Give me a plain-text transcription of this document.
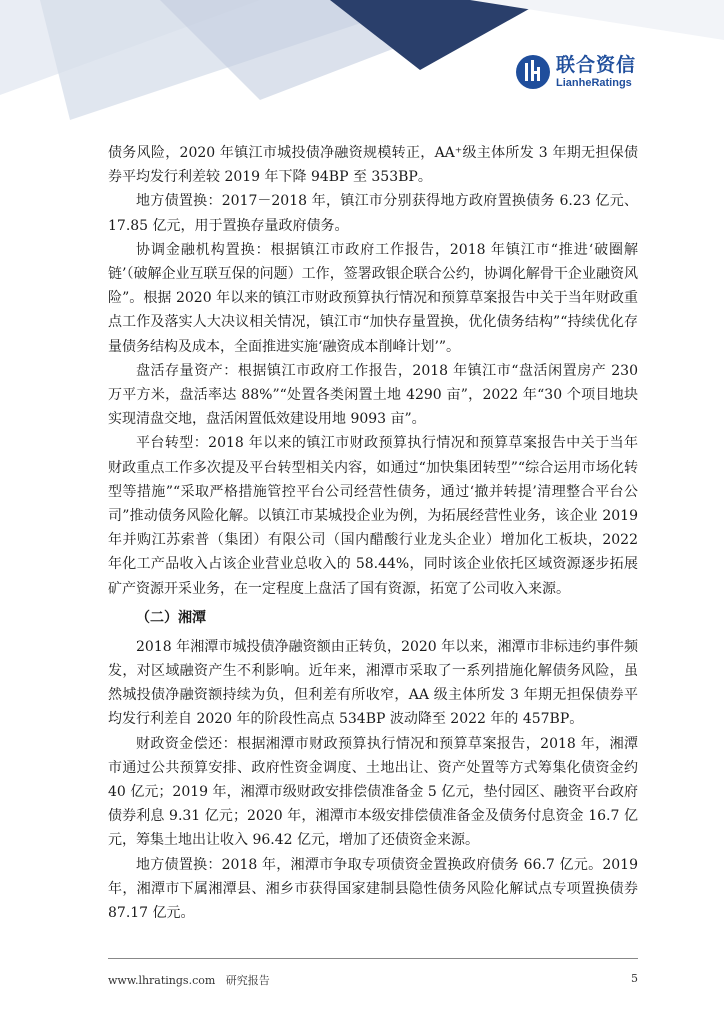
联合资信
LianheRatings

债务风险，2020 年镇江市城投债净融资规模转正，AA⁺级主体所发 3 年期无担保债券平均发行利差较 2019 年下降 94BP 至 353BP。

地方债置换：2017－2018 年，镇江市分别获得地方政府置换债务 6.23 亿元、17.85 亿元，用于置换存量政府债务。

协调金融机构置换：根据镇江市政府工作报告，2018 年镇江市“推进‘破圈解链’（破解企业互联互保的问题）工作，签署政银企联合公约，协调化解骨干企业融资风险”。根据 2020 年以来的镇江市财政预算执行情况和预算草案报告中关于当年财政重点工作及落实人大决议相关情况，镇江市“加快存量置换，优化债务结构”“持续优化存量债务结构及成本，全面推进实施‘融资成本削峰计划’”。

盘活存量资产：根据镇江市政府工作报告，2018 年镇江市“盘活闲置房产 230 万平方米，盘活率达 88%”“处置各类闲置土地 4290 亩”，2022 年“30 个项目地块实现清盘交地，盘活闲置低效建设用地 9093 亩”。

平台转型：2018 年以来的镇江市财政预算执行情况和预算草案报告中关于当年财政重点工作多次提及平台转型相关内容，如通过“加快集团转型”“综合运用市场化转型等措施”“采取严格措施管控平台公司经营性债务，通过‘撤并转提’清理整合平台公司”推动债务风险化解。以镇江市某城投企业为例，为拓展经营性业务，该企业 2019 年并购江苏索普（集团）有限公司（国内醋酸行业龙头企业）增加化工板块，2022 年化工产品收入占该企业营业总收入的 58.44%，同时该企业依托区域资源逐步拓展矿产资源开采业务，在一定程度上盘活了国有资源，拓宽了公司收入来源。

（二）湘潭

2018 年湘潭市城投债净融资额由正转负，2020 年以来，湘潭市非标违约事件频发，对区域融资产生不利影响。近年来，湘潭市采取了一系列措施化解债务风险，虽然城投债净融资额持续为负，但利差有所收窄，AA 级主体所发 3 年期无担保债券平均发行利差自 2020 年的阶段性高点 534BP 波动降至 2022 年的 457BP。

财政资金偿还：根据湘潭市财政预算执行情况和预算草案报告，2018 年，湘潭市通过公共预算安排、政府性资金调度、土地出让、资产处置等方式筹集化债资金约 40 亿元；2019 年，湘潭市级财政安排偿债准备金 5 亿元，垫付园区、融资平台政府债券利息 9.31 亿元；2020 年，湘潭市本级安排偿债准备金及债务付息资金 16.7 亿元，筹集土地出让收入 96.42 亿元，增加了还债资金来源。

地方债置换：2018 年，湘潭市争取专项债资金置换政府债务 66.7 亿元。2019 年，湘潭市下属湘潭县、湘乡市获得国家建制县隐性债务风险化解试点专项置换债券 87.17 亿元。

www.lhratings.com 研究报告	5
